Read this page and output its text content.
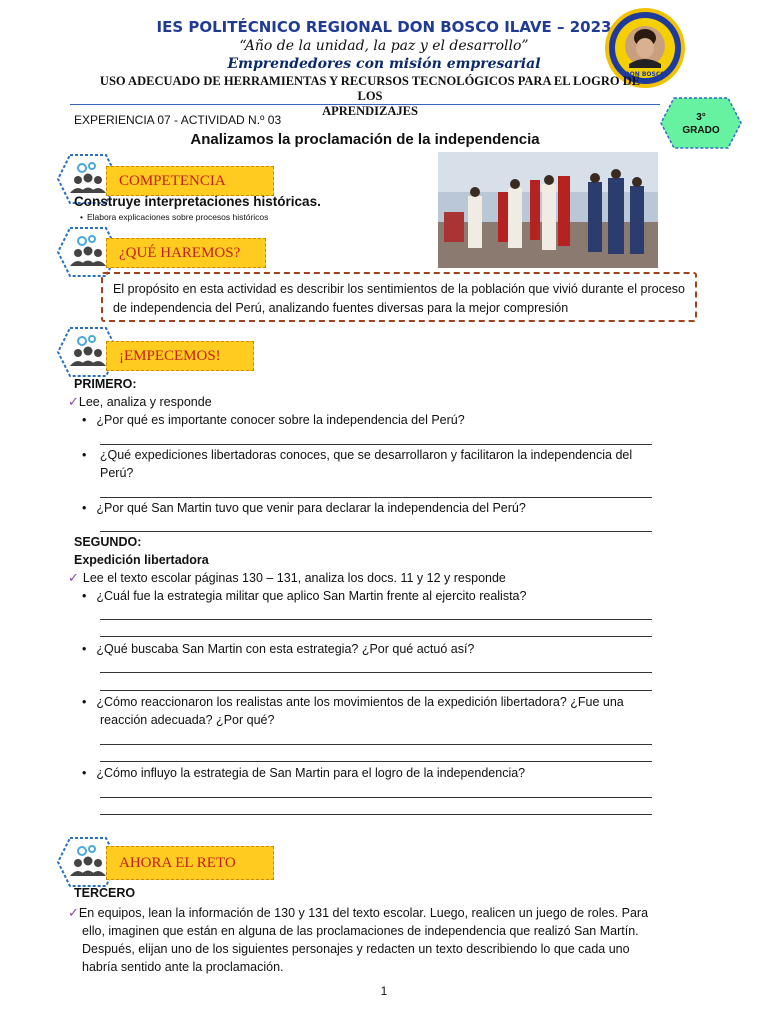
IES POLITÉCNICO REGIONAL DON BOSCO ILAVE – 2023
“Año de la unidad, la paz y el desarrollo”
Emprendedores con misión empresarial
DON BOSCO
USO ADECUADO DE HERRAMIENTAS Y RECURSOS TECNOLÓGICOS PARA EL LOGRO DE LOS
APRENDIZAJES
EXPERIENCIA 07 - ACTIVIDAD N.º 03	3°
GRADO
Analizamos la proclamación de la independencia
COMPETENCIA
Construye interpretaciones históricas.
• Elabora explicaciones sobre procesos históricos
¿QUÉ HAREMOS?
El propósito en esta actividad es describir los sentimientos de la población que vivió durante el proceso de independencia del Perú, analizando fuentes diversas para la mejor compresión
¡EMPECEMOS!
PRIMERO:
✓Lee, analiza y responde
• ¿Por qué es importante conocer sobre la independencia del Perú?
• ¿Qué expediciones libertadoras conoces, que se desarrollaron y facilitaron la independencia del
Perú?
• ¿Por qué San Martin tuvo que venir para declarar la independencia del Perú?
SEGUNDO:
Expedición libertadora
✓ Lee el texto escolar páginas 130 – 131, analiza los docs. 11 y 12 y responde
• ¿Cuál fue la estrategia militar que aplico San Martin frente al ejercito realista?
• ¿Qué buscaba San Martin con esta estrategia? ¿Por qué actuó así?
• ¿Cómo reaccionaron los realistas ante los movimientos de la expedición libertadora? ¿Fue una
reacción adecuada? ¿Por qué?
• ¿Cómo influyo la estrategia de San Martin para el logro de la independencia?
AHORA EL RETO
TERCERO
✓En equipos, lean la información de 130 y 131 del texto escolar. Luego, realicen un juego de roles. Para
ello, imaginen que están en alguna de las proclamaciones de independencia que realizó San Martín.
Después, elijan uno de los siguientes personajes y redacten un texto describiendo lo que cada uno
habría sentido ante la proclamación.
1
